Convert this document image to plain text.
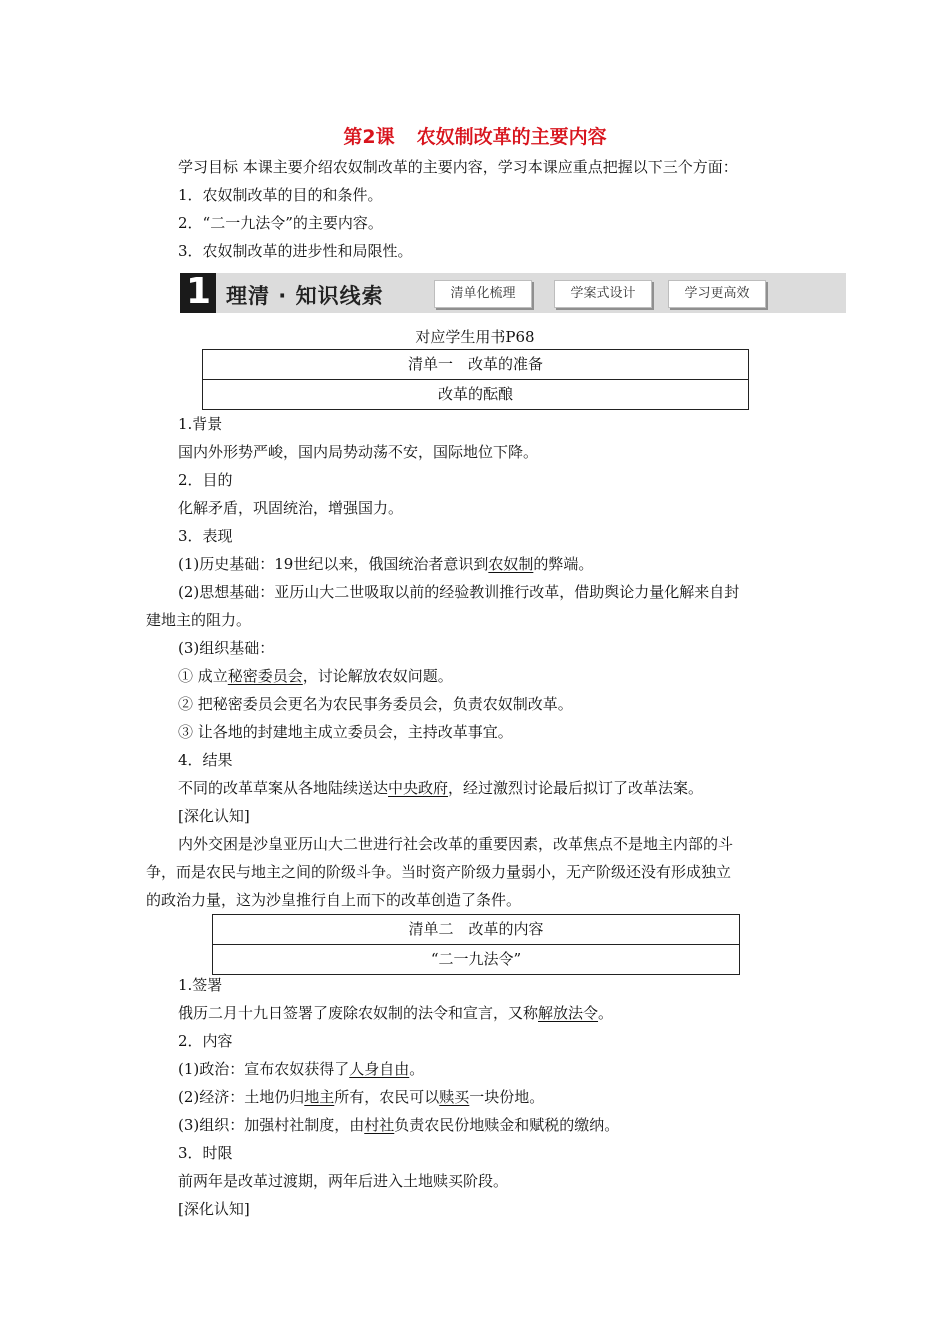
第2课 农奴制改革的主要内容
学习目标 本课主要介绍农奴制改革的主要内容，学习本课应重点把握以下三个方面：
1．农奴制改革的目的和条件。
2．“二一九法令”的主要内容。
3．农奴制改革的进步性和局限性。
1 理清 · 知识线索	清单化梳理	学案式设计	学习更高效
对应学生用书P68
清单一　改革的准备
改革的酝酿
1.背景
国内外形势严峻，国内局势动荡不安，国际地位下降。
2．目的
化解矛盾，巩固统治，增强国力。
3．表现
(1)历史基础：19世纪以来，俄国统治者意识到农奴制的弊端。
(2)思想基础：亚历山大二世吸取以前的经验教训推行改革，借助舆论力量化解来自封
建地主的阻力。
(3)组织基础：
① 成立秘密委员会，讨论解放农奴问题。
② 把秘密委员会更名为农民事务委员会，负责农奴制改革。
③ 让各地的封建地主成立委员会，主持改革事宜。
4．结果
不同的改革草案从各地陆续送达中央政府，经过激烈讨论最后拟订了改革法案。
[深化认知]
内外交困是沙皇亚历山大二世进行社会改革的重要因素，改革焦点不是地主内部的斗
争，而是农民与地主之间的阶级斗争。当时资产阶级力量弱小，无产阶级还没有形成独立
的政治力量，这为沙皇推行自上而下的改革创造了条件。
清单二　改革的内容
“二一九法令”
1.签署
俄历二月十九日签署了废除农奴制的法令和宣言，又称解放法令。
2．内容
(1)政治：宣布农奴获得了人身自由。
(2)经济：土地仍归地主所有，农民可以赎买一块份地。
(3)组织：加强村社制度，由村社负责农民份地赎金和赋税的缴纳。
3．时限
前两年是改革过渡期，两年后进入土地赎买阶段。
[深化认知]
